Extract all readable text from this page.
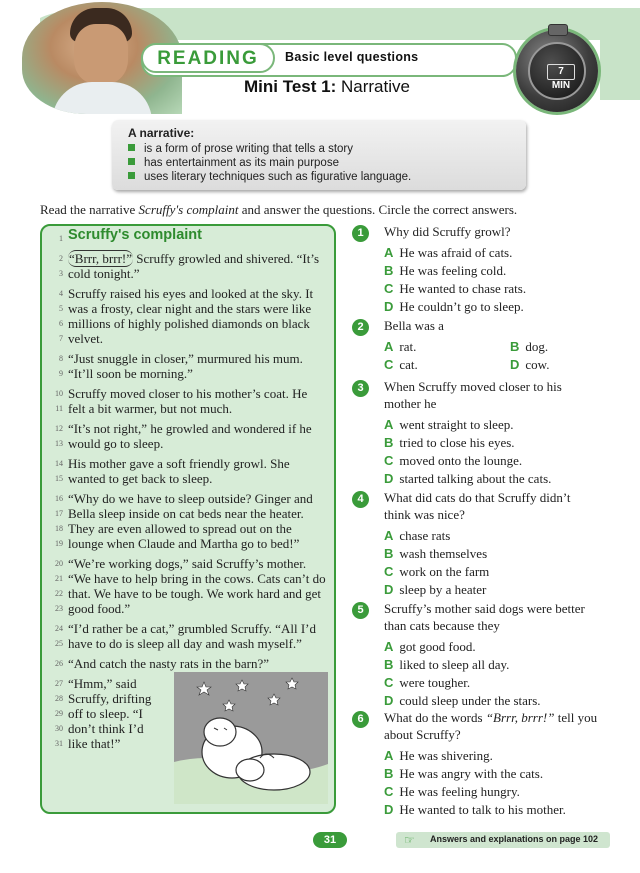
READING	Basic level questions
Mini Test 1: Narrative
7 MIN
A narrative:
is a form of prose writing that tells a story
has entertainment as its main purpose
uses literary techniques such as figurative language.
Read the narrative Scruffy's complaint and answer the questions. Circle the correct answers.
Scruffy's complaint
1
2
3
4
5
6
7
8
9
10
11
12
13
14
15
16
17
18
19
20
21
22
23
24
25
26
27
28
29
30
31
“Brrr, brrr!” Scruffy growled and shivered. “It’s
cold tonight.”
Scruffy raised his eyes and looked at the sky. It
was a frosty, clear night and the stars were like
millions of highly polished diamonds on black
velvet.
“Just snuggle in closer,” murmured his mum.
“It’ll soon be morning.”
Scruffy moved closer to his mother’s coat. He
felt a bit warmer, but not much.
“It’s not right,” he growled and wondered if he
would go to sleep.
His mother gave a soft friendly growl. She
wanted to get back to sleep.
“Why do we have to sleep outside? Ginger and
Bella sleep inside on cat beds near the heater.
They are even allowed to spread out on the
lounge when Claude and Martha go to bed!”
“We’re working dogs,” said Scruffy’s mother.
“We have to help bring in the cows. Cats can’t do
that. We have to be tough. We work hard and get
good food.”
“I’d rather be a cat,” grumbled Scruffy. “All I’d
have to do is sleep all day and wash myself.”
“And catch the nasty rats in the barn?”
“Hmm,” said
Scruffy, drifting
off to sleep. “I
don’t think I’d
like that!”
1	Why did Scruffy growl?
A He was afraid of cats.
B He was feeling cold.
C He wanted to chase rats.
D He couldn’t go to sleep.
2	Bella was a
A rat.	B dog.
C cat.	D cow.
3	When Scruffy moved closer to his
mother he
A went straight to sleep.
B tried to close his eyes.
C moved onto the lounge.
D started talking about the cats.
4	What did cats do that Scruffy didn’t
think was nice?
A chase rats
B wash themselves
C work on the farm
D sleep by a heater
5	Scruffy’s mother said dogs were better
than cats because they
A got good food.
B liked to sleep all day.
C were tougher.
D could sleep under the stars.
6	What do the words “Brrr, brrr!” tell you
about Scruffy?
A He was shivering.
B He was angry with the cats.
C He was feeling hungry.
D He wanted to talk to his mother.
31	☞ Answers and explanations on page 102
